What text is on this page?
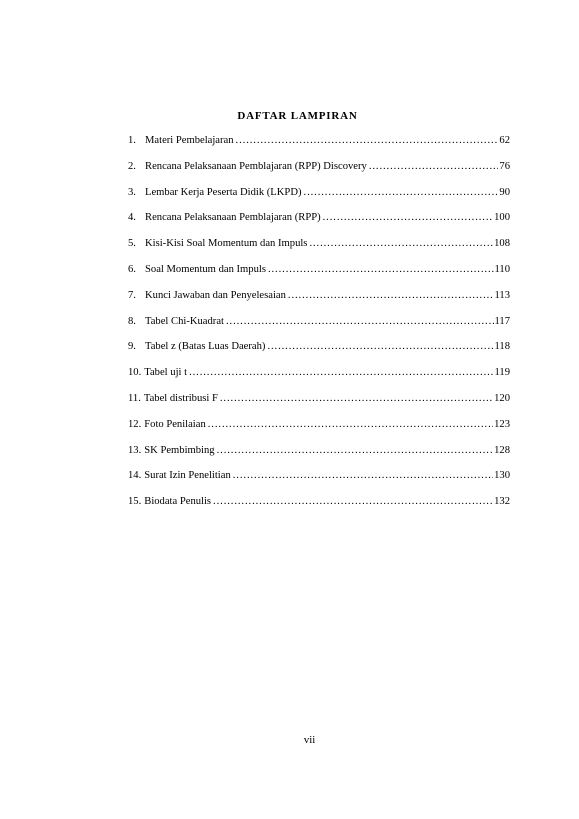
DAFTAR LAMPIRAN
1. Materi Pembelajaran .....	62
2. Rencana Pelaksanaan Pemblajaran (RPP) Discovery .....	76
3. Lembar Kerja Peserta Didik (LKPD) .....	90
4. Rencana Pelaksanaan Pemblajaran (RPP) .....	100
5. Kisi-Kisi Soal Momentum dan Impuls .....	108
6. Soal Momentum dan Impuls .....	110
7. Kunci Jawaban dan Penyelesaian .....	113
8. Tabel Chi-Kuadrat .....	117
9. Tabel z (Batas Luas Daerah) .....	118
10. Tabel uji t .....	119
11. Tabel distribusi F .....	120
12. Foto Penilaian .....	123
13. SK Pembimbing .....	128
14. Surat Izin Penelitian .....	130
15. Biodata Penulis .....	132
vii
